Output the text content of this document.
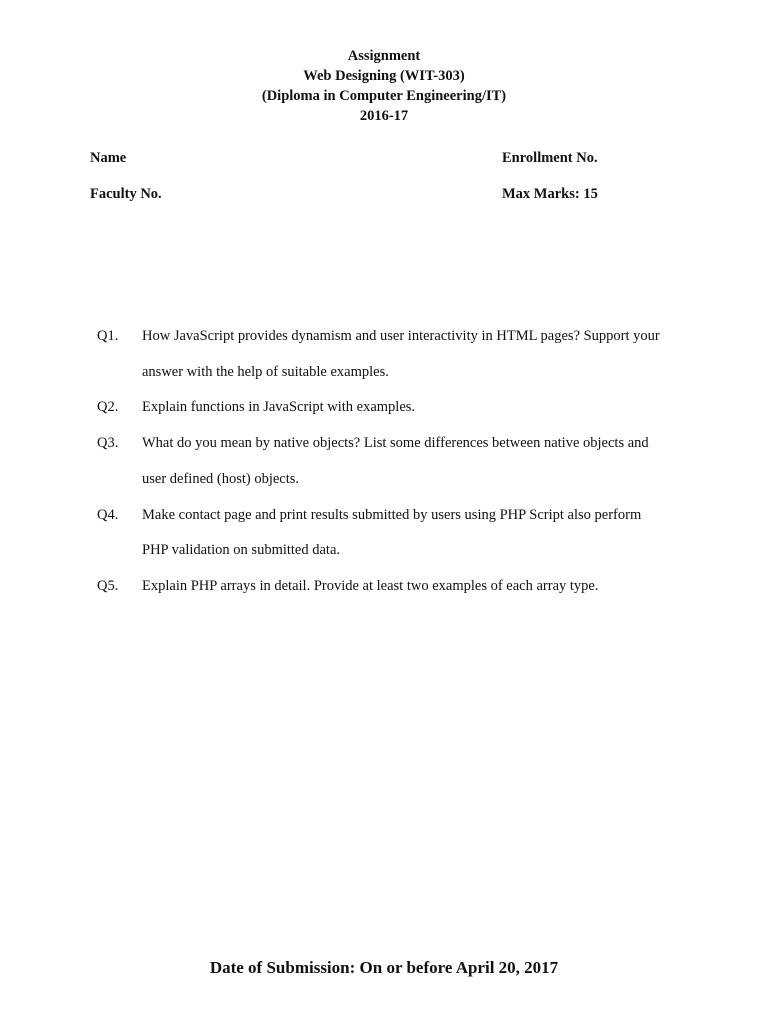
Assignment
Web Designing (WIT-303)
(Diploma in Computer Engineering/IT)
2016-17
Name	Enrollment No.
Faculty No.	Max Marks: 15
Q1. How JavaScript provides dynamism and user interactivity in HTML pages? Support your
answer with the help of suitable examples.
Q2. Explain functions in JavaScript with examples.
Q3. What do you mean by native objects? List some differences between native objects and
user defined (host) objects.
Q4. Make contact page and print results submitted by users using PHP Script also perform
PHP validation on submitted data.
Q5. Explain PHP arrays in detail. Provide at least two examples of each array type.
Date of Submission: On or before April 20, 2017
